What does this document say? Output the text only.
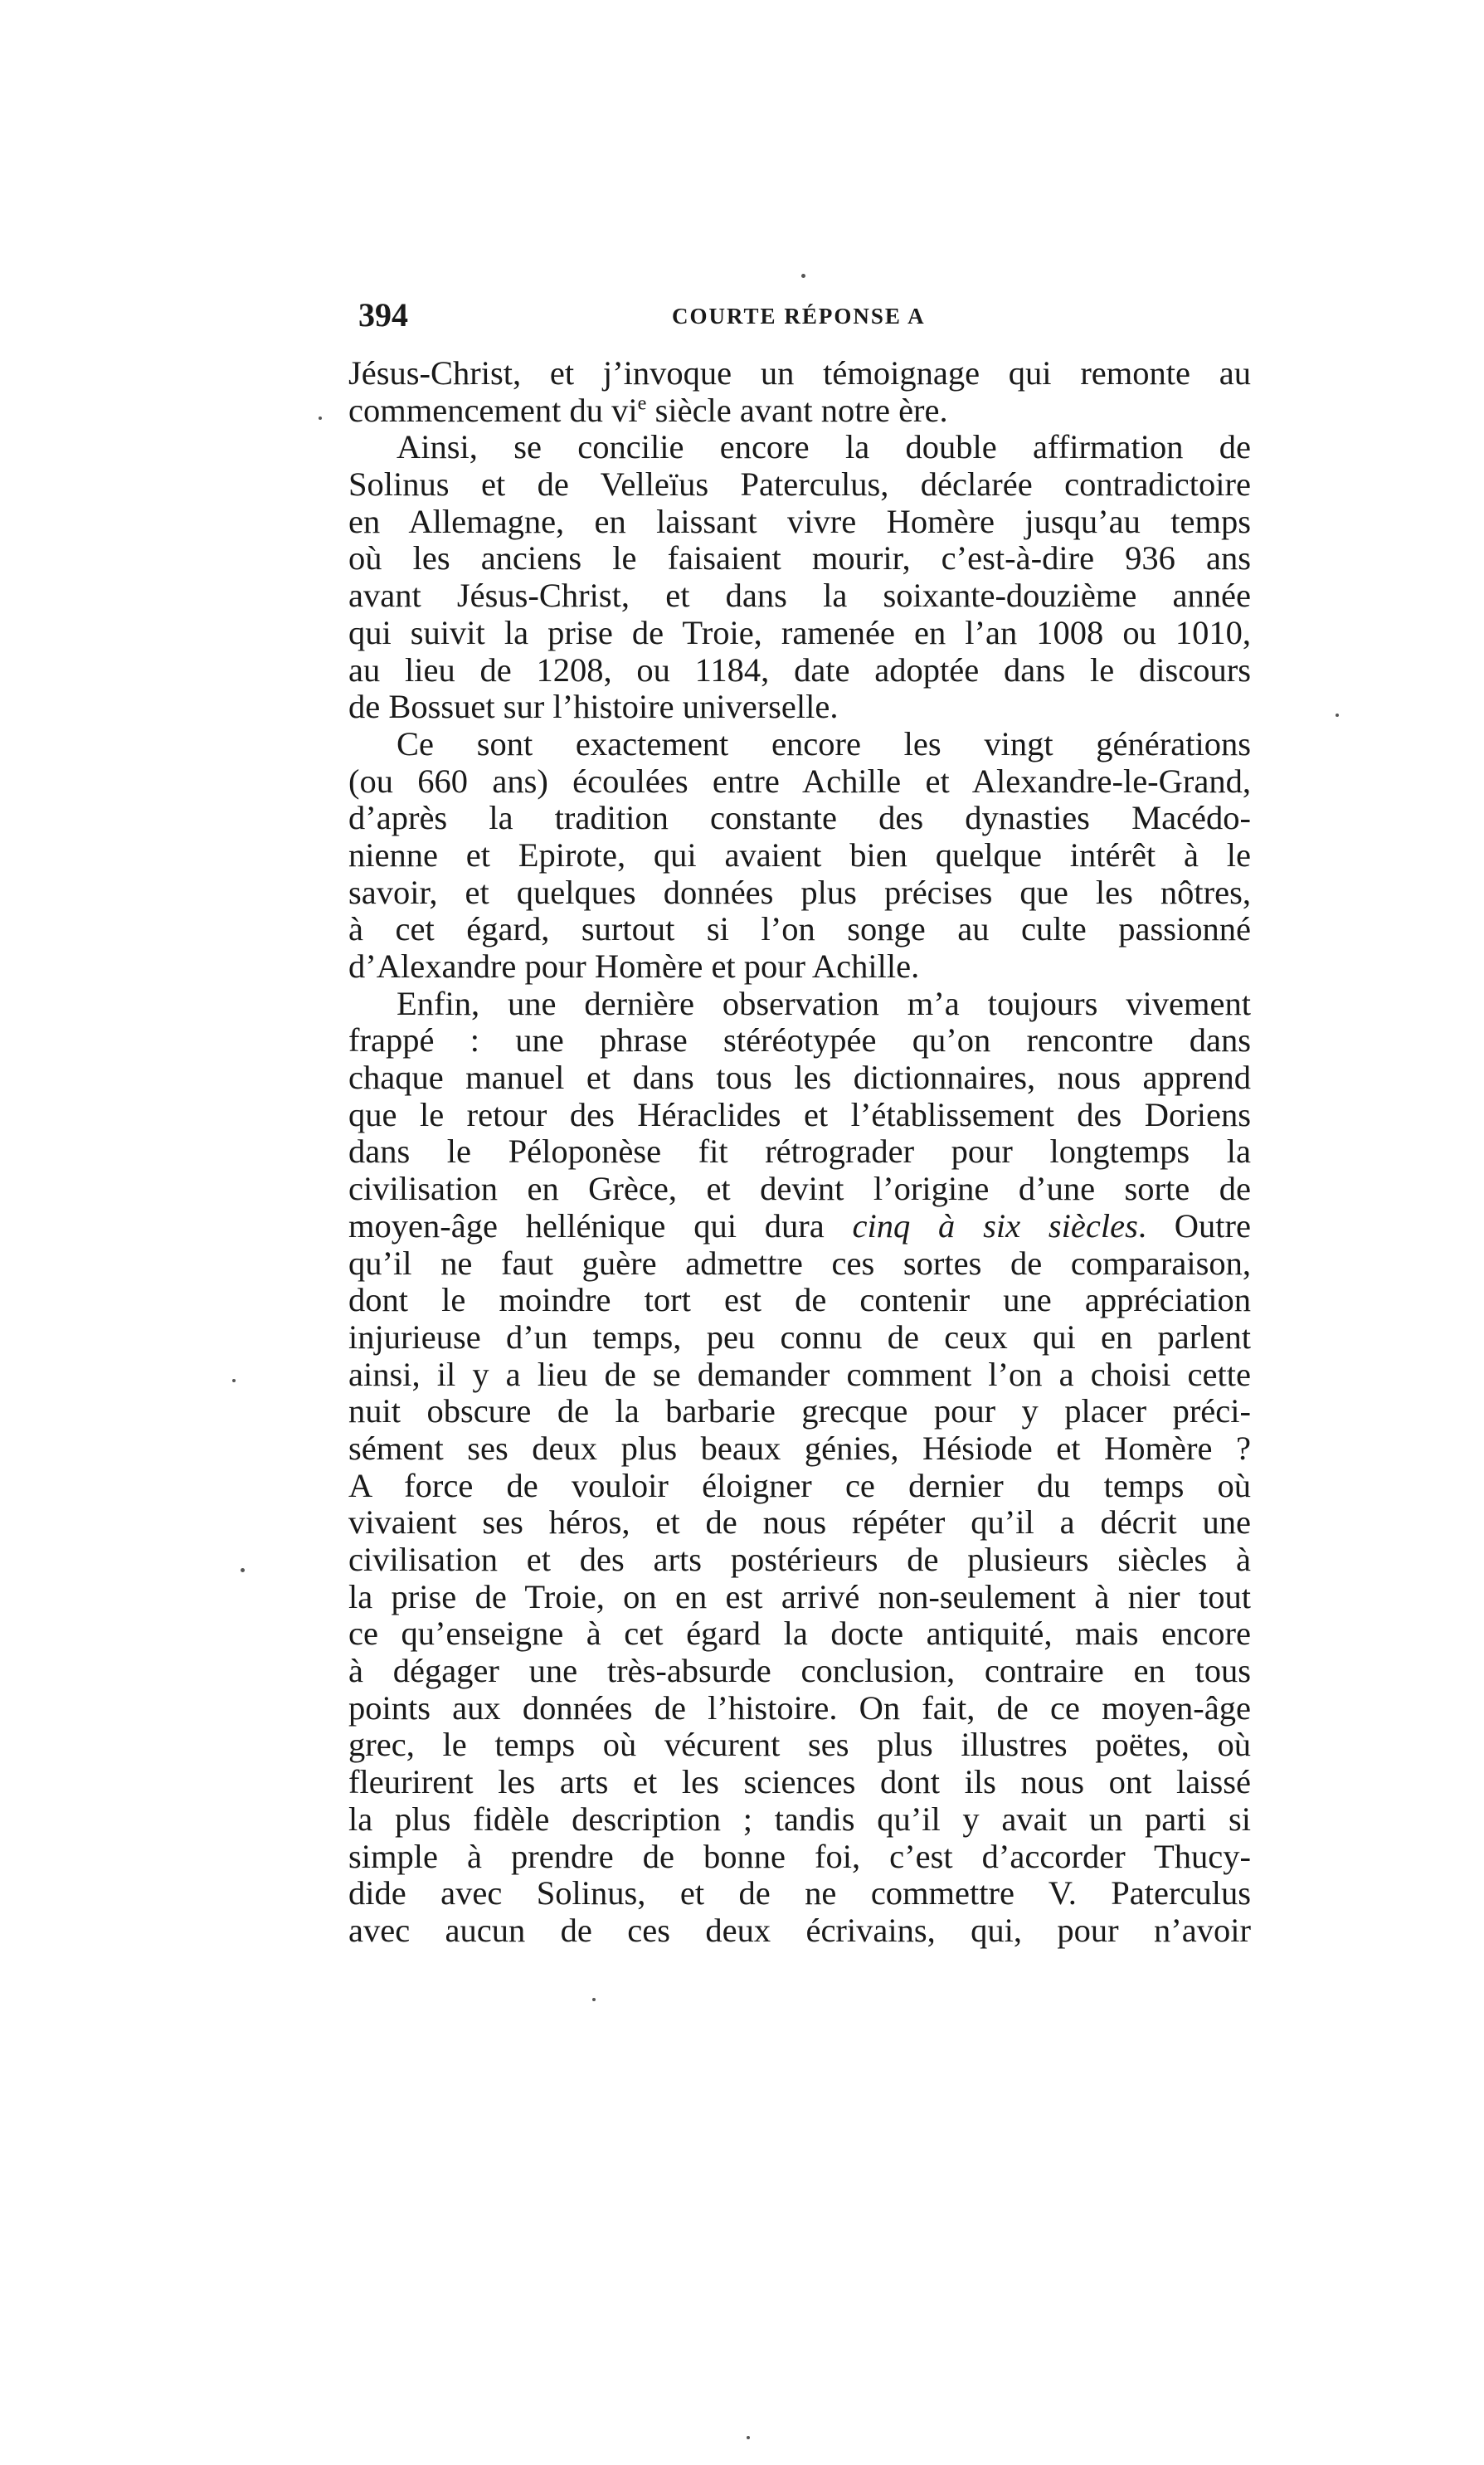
394	COURTE RÉPONSE A
Jésus-Christ, et j’invoque un témoignage qui remonte au
commencement du $vi^e$ siècle avant notre ère.
Ainsi, se concilie encore la double affirmation de
Solinus et de Velleïus Paterculus, déclarée contradictoire
en Allemagne, en laissant vivre Homère jusqu’au temps
où les anciens le faisaient mourir, c’est-à-dire 936 ans
avant Jésus-Christ, et dans la soixante-douzième année
qui suivit la prise de Troie, ramenée en l’an 1008 ou 1010,
au lieu de 1208, ou 1184, date adoptée dans le discours
de Bossuet sur l’histoire universelle.
Ce sont exactement encore les vingt générations
(ou 660 ans) écoulées entre Achille et Alexandre-le-Grand,
d’après la tradition constante des dynasties Macédo-
nienne et Epirote, qui avaient bien quelque intérêt à le
savoir, et quelques données plus précises que les nôtres,
à cet égard, surtout si l’on songe au culte passionné
d’Alexandre pour Homère et pour Achille.
Enfin, une dernière observation m’a toujours vivement
frappé : une phrase stéréotypée qu’on rencontre dans
chaque manuel et dans tous les dictionnaires, nous apprend
que le retour des Héraclides et l’établissement des Doriens
dans le Péloponèse fit rétrograder pour longtemps la
civilisation en Grèce, et devint l’origine d’une sorte de
moyen-âge hellénique qui dura cinq à six siècles. Outre
qu’il ne faut guère admettre ces sortes de comparaison,
dont le moindre tort est de contenir une appréciation
injurieuse d’un temps, peu connu de ceux qui en parlent
ainsi, il y a lieu de se demander comment l’on a choisi cette
nuit obscure de la barbarie grecque pour y placer préci-
sément ses deux plus beaux génies, Hésiode et Homère ?
A force de vouloir éloigner ce dernier du temps où
vivaient ses héros, et de nous répéter qu’il a décrit une
civilisation et des arts postérieurs de plusieurs siècles à
la prise de Troie, on en est arrivé non-seulement à nier tout
ce qu’enseigne à cet égard la docte antiquité, mais encore
à dégager une très-absurde conclusion, contraire en tous
points aux données de l’histoire. On fait, de ce moyen-âge
grec, le temps où vécurent ses plus illustres poëtes, où
fleurirent les arts et les sciences dont ils nous ont laissé
la plus fidèle description ; tandis qu’il y avait un parti si
simple à prendre de bonne foi, c’est d’accorder Thucy-
dide avec Solinus, et de ne commettre V. Paterculus
avec aucun de ces deux écrivains, qui, pour n’avoir
